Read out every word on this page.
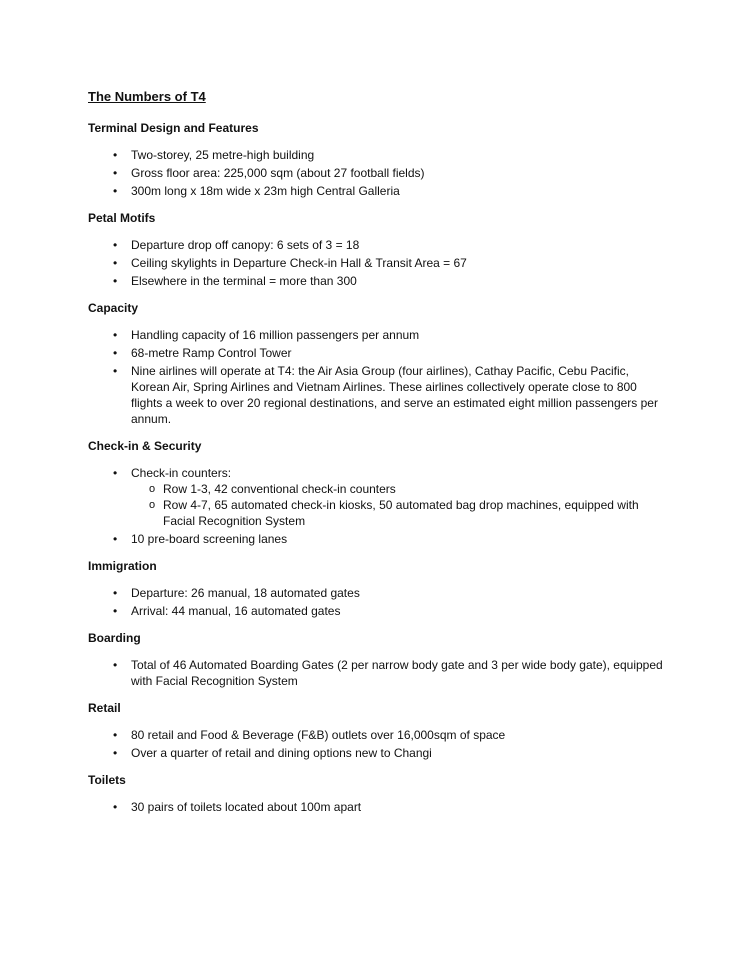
The Numbers of T4
Terminal Design and Features
• Two-storey, 25 metre-high building
• Gross floor area: 225,000 sqm (about 27 football fields)
• 300m long x 18m wide x 23m high Central Galleria
Petal Motifs
• Departure drop off canopy: 6 sets of 3 = 18
• Ceiling skylights in Departure Check-in Hall & Transit Area = 67
• Elsewhere in the terminal = more than 300
Capacity
• Handling capacity of 16 million passengers per annum
• 68-metre Ramp Control Tower
• Nine airlines will operate at T4: the Air Asia Group (four airlines), Cathay Pacific, Cebu Pacific, Korean Air, Spring Airlines and Vietnam Airlines. These airlines collectively operate close to 800 flights a week to over 20 regional destinations, and serve an estimated eight million passengers per annum.
Check-in & Security
• Check-in counters:
o Row 1-3, 42 conventional check-in counters
o Row 4-7, 65 automated check-in kiosks, 50 automated bag drop machines, equipped with Facial Recognition System
• 10 pre-board screening lanes
Immigration
• Departure: 26 manual, 18 automated gates
• Arrival: 44 manual, 16 automated gates
Boarding
• Total of 46 Automated Boarding Gates (2 per narrow body gate and 3 per wide body gate), equipped with Facial Recognition System
Retail
• 80 retail and Food & Beverage (F&B) outlets over 16,000sqm of space
• Over a quarter of retail and dining options new to Changi
Toilets
• 30 pairs of toilets located about 100m apart
